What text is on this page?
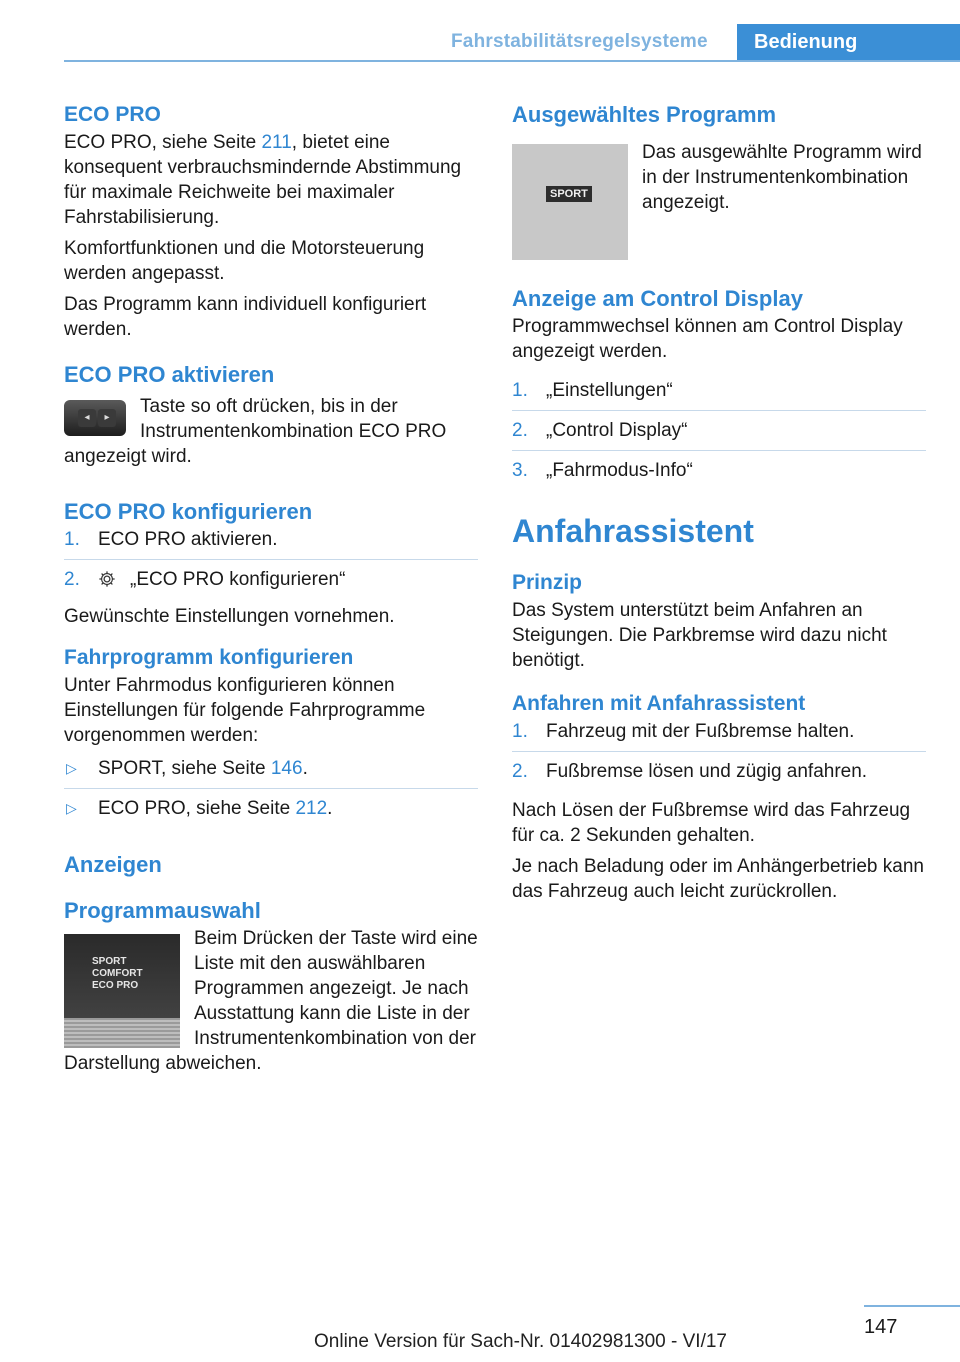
Fahrstabilitätsregelsysteme	Bedienung
ECO PRO

ECO PRO, siehe Seite 211, bietet eine konsequent verbrauchsmindernde Abstimmung für maximale Reichweite bei maximaler Fahrstabilisierung.

Komfortfunktionen und die Motorsteuerung werden angepasst.

Das Programm kann individuell konfiguriert werden.

ECO PRO aktivieren
◂	▸

Taste so oft drücken, bis in der Instrumentenkombination ECO PRO angezeigt wird.

ECO PRO konfigurieren
1. ECO PRO aktivieren.
2.	„ECO PRO konfigurieren“

Gewünschte Einstellungen vornehmen.

Fahrprogramm konfigurieren

Unter Fahrmodus konfigurieren können Einstellungen für folgende Fahrprogramme vorgenommen werden:

▷ SPORT, siehe Seite 146.
▷ ECO PRO, siehe Seite 212.
Anzeigen
Programmauswahl
SPORT
COMFORT
ECO PRO

Beim Drücken der Taste wird eine Liste mit den auswählbaren Programmen angezeigt. Je nach Ausstattung kann die Liste in der Instrumentenkombination von der Darstellung abweichen.

Ausgewähltes Programm
SPORT

Das ausgewählte Programm wird in der Instrumentenkombination angezeigt.

Anzeige am Control Display

Programmwechsel können am Control Display angezeigt werden.

1. „Einstellungen“
2. „Control Display“
3. „Fahrmodus-Info“
Anfahrassistent
Prinzip

Das System unterstützt beim Anfahren an Steigungen. Die Parkbremse wird dazu nicht benötigt.

Anfahren mit Anfahrassistent
1. Fahrzeug mit der Fußbremse halten.
2. Fußbremse lösen und zügig anfahren.

Nach Lösen der Fußbremse wird das Fahrzeug für ca. 2 Sekunden gehalten.

Je nach Beladung oder im Anhängerbetrieb kann das Fahrzeug auch leicht zurückrollen.

147
Online Version für Sach-Nr. 01402981300 - VI/17
